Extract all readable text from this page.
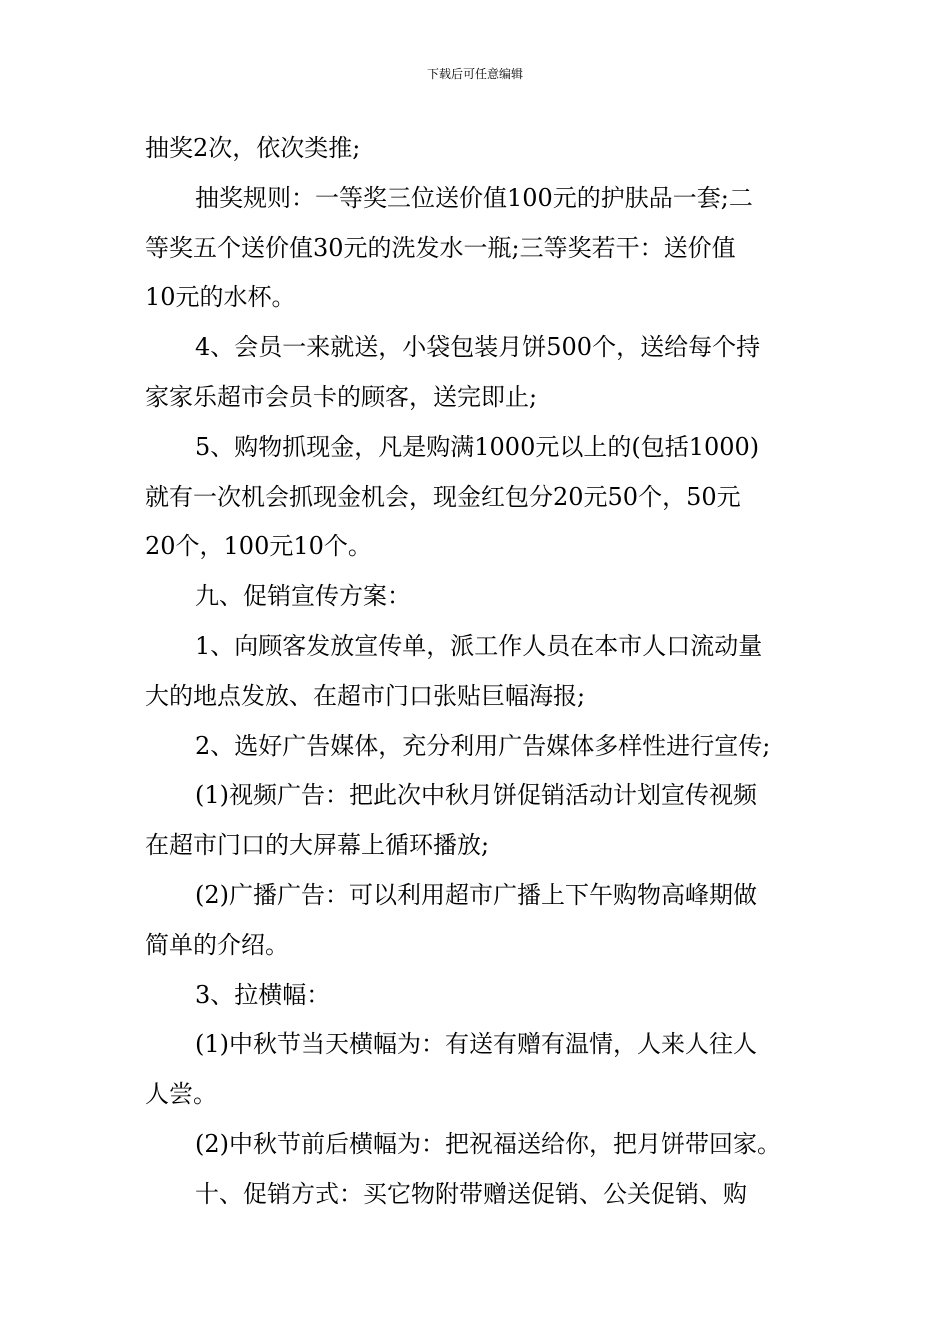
下载后可任意编辑
抽奖2次，依次类推;
抽奖规则：一等奖三位送价值100元的护肤品一套;二
等奖五个送价值30元的洗发水一瓶;三等奖若干：送价值
10元的水杯。
4、会员一来就送，小袋包装月饼500个，送给每个持
家家乐超市会员卡的顾客，送完即止;
5、购物抓现金，凡是购满1000元以上的(包括1000)
就有一次机会抓现金机会，现金红包分20元50个，50元
20个，100元10个。
九、促销宣传方案：
1、向顾客发放宣传单，派工作人员在本市人口流动量
大的地点发放、在超市门口张贴巨幅海报;
2、选好广告媒体，充分利用广告媒体多样性进行宣传;
(1)视频广告：把此次中秋月饼促销活动计划宣传视频
在超市门口的大屏幕上循环播放;
(2)广播广告：可以利用超市广播上下午购物高峰期做
简单的介绍。
3、拉横幅：
(1)中秋节当天横幅为：有送有赠有温情，人来人往人
人尝。
(2)中秋节前后横幅为：把祝福送给你，把月饼带回家。
十、促销方式：买它物附带赠送促销、公关促销、购
